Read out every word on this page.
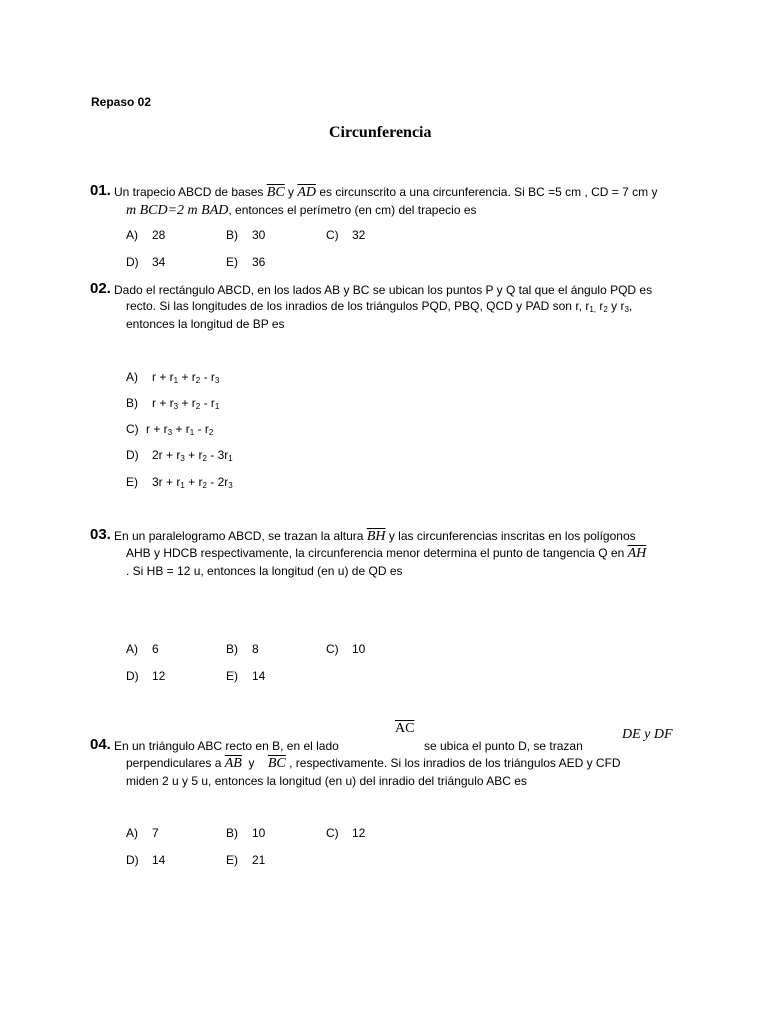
Repaso 02
Circunferencia
01. Un trapecio ABCD de bases $\overline{BC}$ y $\overline{AD}$ es circunscrito a una circunferencia. Si BC =5 cm , CD = 7 cm y
m BCD=2 m BAD, entonces el perímetro (en cm) del trapecio es
A) 28	B) 30	C) 32
D) 34	E) 36
02. Dado el rectángulo ABCD, en los lados AB y BC se ubican los puntos P y Q tal que el ángulo PQD es
recto. Si las longitudes de los inradios de los triángulos PQD, PBQ, QCD y PAD son r, $r_{1,}$ $r_2$ y $r_3$,
entonces la longitud de BP es
A) $r + r_1 + r_2 - r_3$
B) $r + r_3 + r_2 - r_1$
C) $r + r_3 + r_1 - r_2$
D) $2r + r_3 + r_2 - 3r_1$
E) $3r + r_1 + r_2 - 2r_3$
03. En un paralelogramo ABCD, se trazan la altura $\overline{BH}$ y las circunferencias inscritas en los polígonos
AHB y HDCB respectivamente, la circunferencia menor determina el punto de tangencia Q en $\overline{AH}$
. Si HB = 12 u, entonces la longitud (en u) de QD es
A) 6	B) 8	C) 10
D) 12	E) 14
$\overline{AC}$	DE y DF
04. En un triángulo ABC recto en B, en el lado	se ubica el punto D, se trazan
perpendiculares a $\overline{AB}$ y $\overline{BC}$ , respectivamente. Si los inradios de los triángulos AED y CFD
miden 2 u y 5 u, entonces la longitud (en u) del inradio del triángulo ABC es
A) 7	B) 10	C) 12
D) 14	E) 21
